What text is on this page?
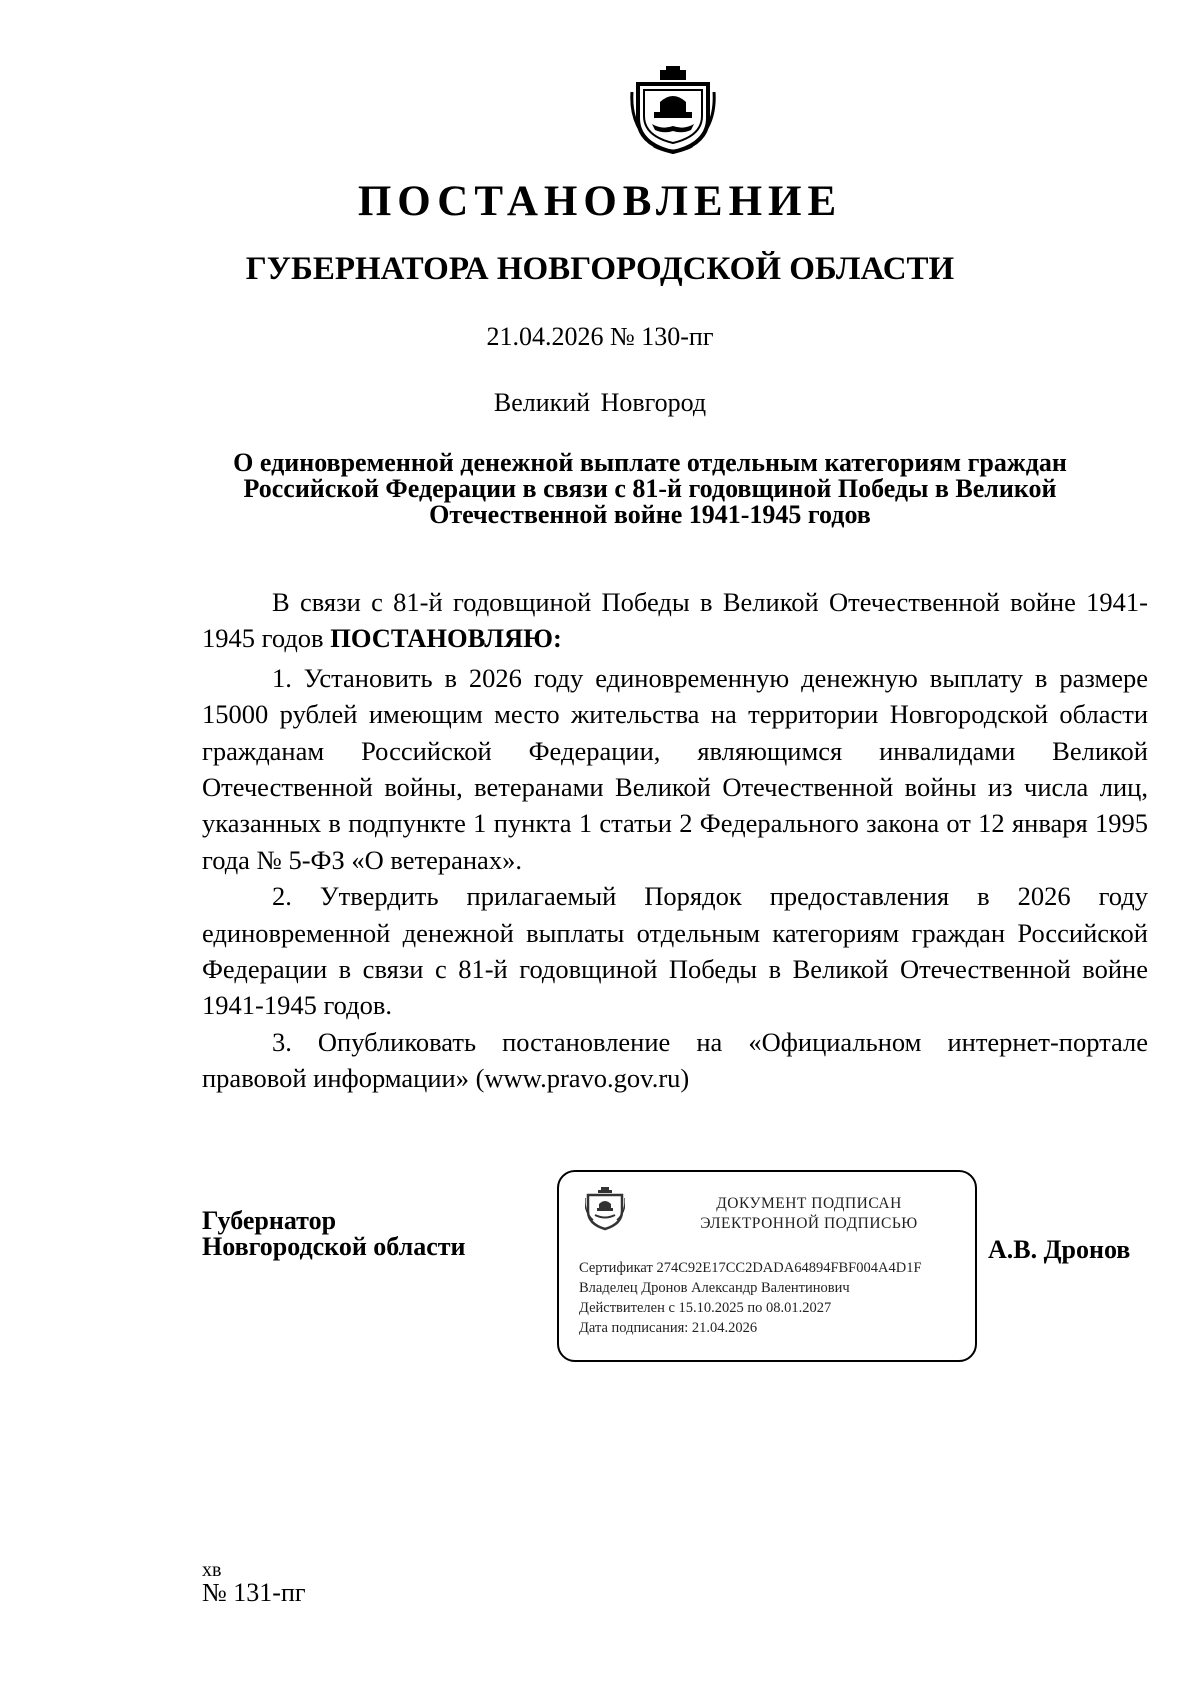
ПОСТАНОВЛЕНИЕ
ГУБЕРНАТОРА НОВГОРОДСКОЙ ОБЛАСТИ
21.04.2026 № 130-пг
Великий Новгород
О единовременной денежной выплате отдельным категориям граждан Российской Федерации в связи с 81-й годовщиной Победы в Великой Отечественной войне 1941-1945 годов

В связи с 81-й годовщиной Победы в Великой Отечественной войне 1941-1945 годов ПОСТАНОВЛЯЮ:

1. Установить в 2026 году единовременную денежную выплату в размере 15000 рублей имеющим место жительства на территории Новгородской области гражданам Российской Федерации, являющимся инвалидами Великой Отечественной войны, ветеранами Великой Отечественной войны из числа лиц, указанных в подпункте 1 пункта 1 статьи 2 Федерального закона от 12 января 1995 года № 5-ФЗ «О ветеранах».

2. Утвердить прилагаемый Порядок предоставления в 2026 году единовременной денежной выплаты отдельным категориям граждан Российской Федерации в связи с 81-й годовщиной Победы в Великой Отечественной войне 1941-1945 годов.

3. Опубликовать постановление на «Официальном интернет-портале правовой информации» (www.pravo.gov.ru)

Губернатор
Новгородской области
ДОКУМЕНТ ПОДПИСАН
ЭЛЕКТРОННОЙ ПОДПИСЬЮ
Сертификат 274C92E17CC2DADA64894FBF004A4D1F
Владелец Дронов Александр Валентинович
Действителен с 15.10.2025 по 08.01.2027
Дата подписания: 21.04.2026
А.В. Дронов
хв
№ 131-пг
